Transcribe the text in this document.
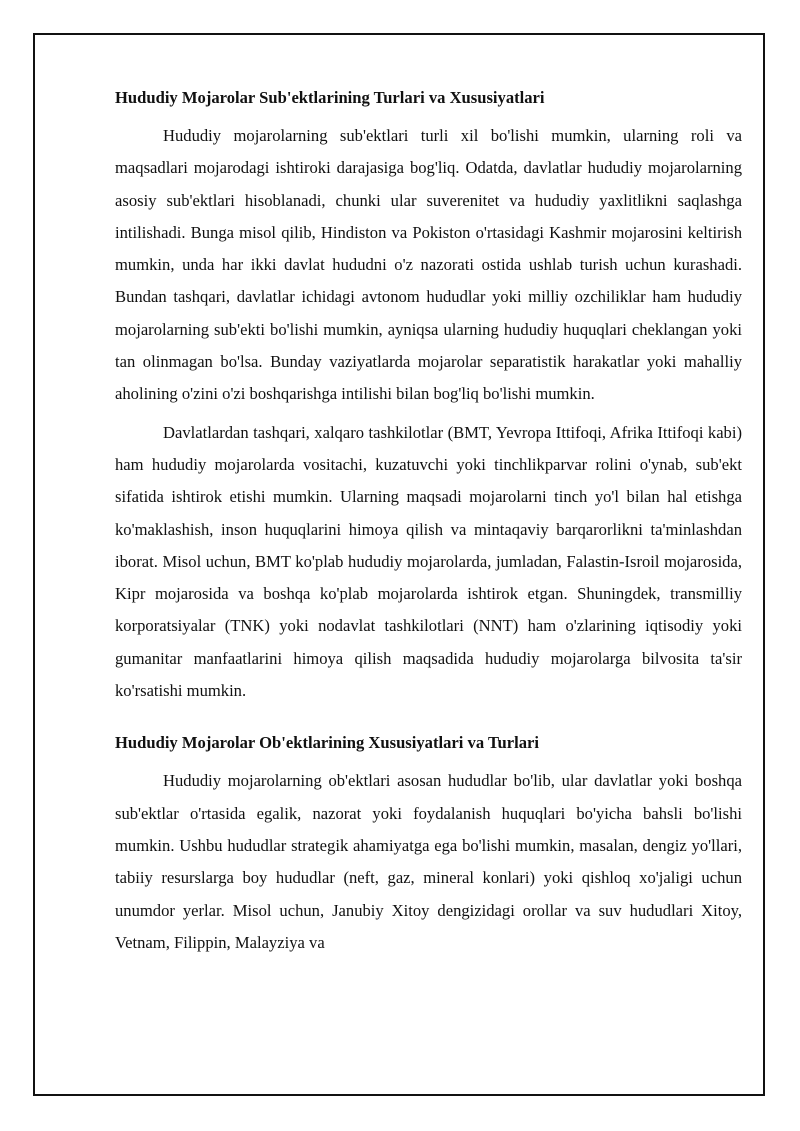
Hududiy Mojarolar Sub'ektlarining Turlari va Xususiyatlari

Hududiy mojarolarning sub'ektlari turli xil bo'lishi mumkin, ularning roli va maqsadlari mojarodagi ishtiroki darajasiga bog'liq. Odatda, davlatlar hududiy mojarolarning asosiy sub'ektlari hisoblanadi, chunki ular suverenitet va hududiy yaxlitlikni saqlashga intilishadi. Bunga misol qilib, Hindiston va Pokiston o'rtasidagi Kashmir mojarosini keltirish mumkin, unda har ikki davlat hududni o'z nazorati ostida ushlab turish uchun kurashadi. Bundan tashqari, davlatlar ichidagi avtonom hududlar yoki milliy ozchiliklar ham hududiy mojarolarning sub'ekti bo'lishi mumkin, ayniqsa ularning hududiy huquqlari cheklangan yoki tan olinmagan bo'lsa. Bunday vaziyatlarda mojarolar separatistik harakatlar yoki mahalliy aholining o'zini o'zi boshqarishga intilishi bilan bog'liq bo'lishi mumkin.

Davlatlardan tashqari, xalqaro tashkilotlar (BMT, Yevropa Ittifoqi, Afrika Ittifoqi kabi) ham hududiy mojarolarda vositachi, kuzatuvchi yoki tinchlikparvar rolini o'ynab, sub'ekt sifatida ishtirok etishi mumkin. Ularning maqsadi mojarolarni tinch yo'l bilan hal etishga ko'maklashish, inson huquqlarini himoya qilish va mintaqaviy barqarorlikni ta'minlashdan iborat. Misol uchun, BMT ko'plab hududiy mojarolarda, jumladan, Falastin-Isroil mojarosida, Kipr mojarosida va boshqa ko'plab mojarolarda ishtirok etgan. Shuningdek, transmilliy korporatsiyalar (TNK) yoki nodavlat tashkilotlari (NNT) ham o'zlarining iqtisodiy yoki gumanitar manfaatlarini himoya qilish maqsadida hududiy mojarolarga bilvosita ta'sir ko'rsatishi mumkin.

Hududiy Mojarolar Ob'ektlarining Xususiyatlari va Turlari

Hududiy mojarolarning ob'ektlari asosan hududlar bo'lib, ular davlatlar yoki boshqa sub'ektlar o'rtasida egalik, nazorat yoki foydalanish huquqlari bo'yicha bahsli bo'lishi mumkin. Ushbu hududlar strategik ahamiyatga ega bo'lishi mumkin, masalan, dengiz yo'llari, tabiiy resurslarga boy hududlar (neft, gaz, mineral konlari) yoki qishloq xo'jaligi uchun unumdor yerlar. Misol uchun, Janubiy Xitoy dengizidagi orollar va suv hududlari Xitoy, Vetnam, Filippin, Malayziya va
